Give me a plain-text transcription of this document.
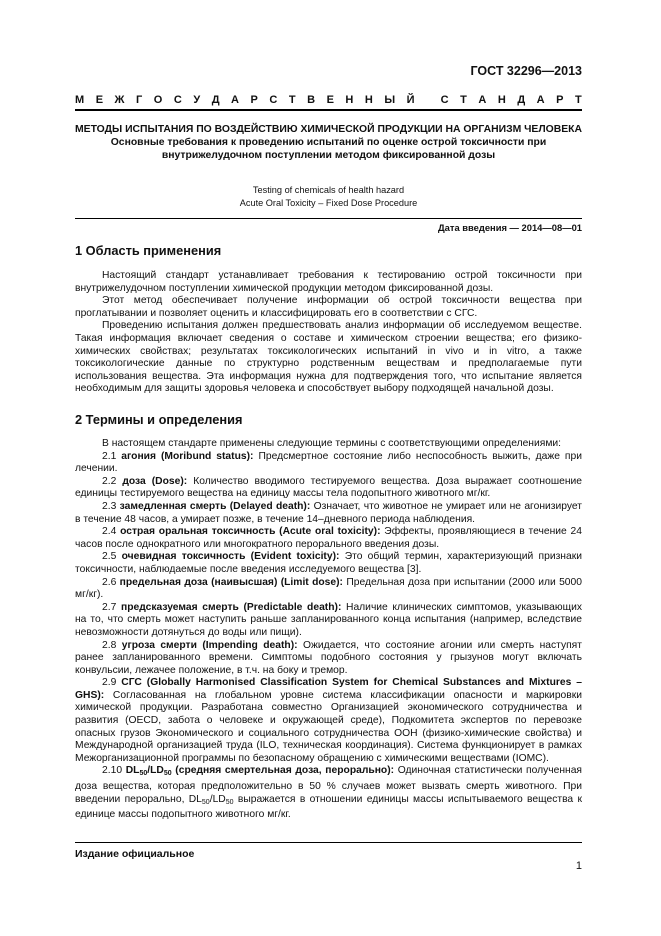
ГОСТ 32296—2013
М Е Ж Г О С У Д А Р С Т В Е Н Н Ы Й
С Т А Н Д А Р Т
МЕТОДЫ ИСПЫТАНИЯ ПО ВОЗДЕЙСТВИЮ ХИМИЧЕСКОЙ ПРОДУКЦИИ НА ОРГАНИЗМ ЧЕЛОВЕКА
Основные требования к проведению испытаний по оценке острой токсичности при внутрижелудочном поступлении методом фиксированной дозы
Testing of chemicals of health hazard
Acute Oral Toxicity – Fixed Dose Procedure
Дата введения — 2014—08—01
1 Область применения

Настоящий стандарт устанавливает требования к тестированию острой токсичности при внутрижелудочном поступлении химической продукции методом фиксированной дозы.

Этот метод обеспечивает получение информации об острой токсичности вещества при проглатывании и позволяет оценить и классифицировать его в соответствии с СГС.

Проведению испытания должен предшествовать анализ информации об исследуемом веществе. Такая информация включает сведения о составе и химическом строении вещества; его физико-химических свойствах; результатах токсикологических испытаний in vivo и in vitro, а также токсикологические данные по структурно родственным веществам и предполагаемые пути использования вещества. Эта информация нужна для подтверждения того, что испытание является необходимым для защиты здоровья человека и способствует выбору подходящей начальной дозы.

2 Термины и определения

В настоящем стандарте применены следующие термины с соответствующими определениями:

2.1 агония (Moribund status): Предсмертное состояние либо неспособность выжить, даже при лечении.

2.2 доза (Dose): Количество вводимого тестируемого вещества. Доза выражает соотношение единицы тестируемого вещества на единицу массы тела подопытного животного мг/кг.

2.3 замедленная смерть (Delayed death): Означает, что животное не умирает или не агонизирует в течение 48 часов, а умирает позже, в течение 14–дневного периода наблюдения.

2.4 острая оральная токсичность (Acute oral toxicity): Эффекты, проявляющиеся в течение 24 часов после однократного или многократного перорального введения дозы.

2.5 очевидная токсичность (Evident toxicity): Это общий термин, характеризующий признаки токсичности, наблюдаемые после введения исследуемого вещества [3].

2.6 предельная доза (наивысшая) (Limit dose): Предельная доза при испытании (2000 или 5000 мг/кг).

2.7 предсказуемая смерть (Predictable death): Наличие клинических симптомов, указывающих на то, что смерть может наступить раньше запланированного конца испытания (например, вследствие невозможности дотянуться до воды или пищи).

2.8 угроза смерти (Impending death): Ожидается, что состояние агонии или смерть наступят ранее запланированного времени. Симптомы подобного состояния у грызунов могут включать конвульсии, лежачее положение, в т.ч. на боку и тремор.

2.9 СГС (Globally Harmonised Classification System for Chemical Substances and Mixtures – GHS): Согласованная на глобальном уровне система классификации опасности и маркировки химической продукции. Разработана совместно Организацией экономического сотрудничества и развития (OECD, забота о человеке и окружающей среде), Подкомитета экспертов по перевозке опасных грузов Экономического и социального сотрудничества ООН (физико-химические свойства) и Международной организацией труда (ILO, техническая координация). Система функционирует в рамках Межорганизационной программы по безопасному обращению с химическими веществами (IOMC).

2.10 $DL_{50}/LD_{50}$ (средняя смертельная доза, перорально): Одиночная статистически полученная доза вещества, которая предположительно в 50 % случаев может вызвать смерть животного. При введении перорально, $DL_{50}/LD_{50}$ выражается в отношении единицы массы испытываемого вещества к единице массы подопытного животного мг/кг.

Издание официальное
1
